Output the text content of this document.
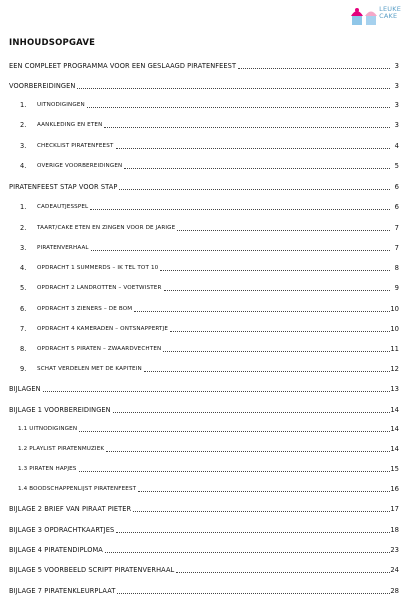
LEUKE
CAKE
INHOUDSOPGAVE
EEN COMPLEET PROGRAMMA VOOR EEN GESLAAGD PIRATENFEEST	3
VOORBEREIDINGEN	3
1. UITNODIGINGEN	3
2. AANKLEDING EN ETEN	3
3. CHECKLIST PIRATENFEEST	4
4. OVERIGE VOORBEREIDINGEN	5
PIRATENFEEST STAP VOOR STAP	6
1. CADEAUTJESSPEL	6
2. TAART/CAKE ETEN EN ZINGEN VOOR DE JARIGE	7
3. PIRATENVERHAAL	7
4. OPDRACHT 1 SUMMERDS – IK TEL TOT 10	8
5. OPDRACHT 2 LANDROTTEN – VOETWISTER	9
6. OPDRACHT 3 ZIENERS – DE BOM	10
7. OPDRACHT 4 KAMERADEN – ONTSNAPPERTJE	10
8. OPDRACHT 5 PIRATEN – ZWAARDVECHTEN	11
9. SCHAT VERDELEN MET DE KAPITEIN	12
BIJLAGEN	13
BIJLAGE 1 VOORBEREIDINGEN	14
1.1 UITNODIGINGEN	14
1.2 PLAYLIST PIRATENMUZIEK	14
1.3 PIRATEN HAPJES	15
1.4 BOODSCHAPPENLIJST PIRATENFEEST	16
BIJLAGE 2 BRIEF VAN PIRAAT PIETER	17
BIJLAGE 3 OPDRACHTKAARTJES	18
BIJLAGE 4 PIRATENDIPLOMA	23
BIJLAGE 5 VOORBEELD SCRIPT PIRATENVERHAAL	24
BIJLAGE 7 PIRATENKLEURPLAAT	28
